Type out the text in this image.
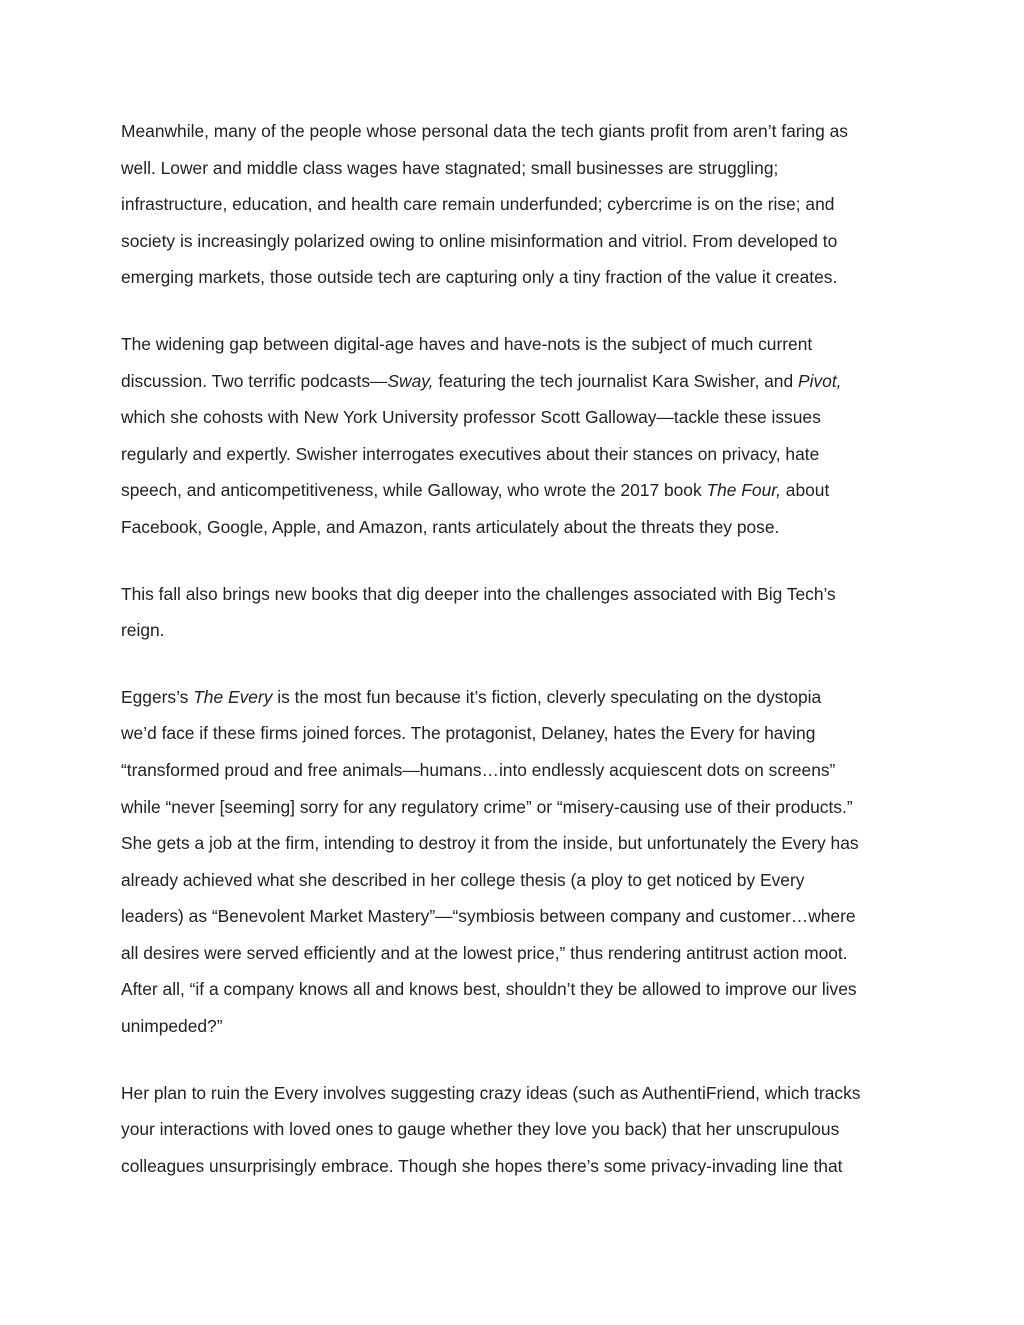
Meanwhile, many of the people whose personal data the tech giants profit from aren’t faring as
well. Lower and middle class wages have stagnated; small businesses are struggling;
infrastructure, education, and health care remain underfunded; cybercrime is on the rise; and
society is increasingly polarized owing to online misinformation and vitriol. From developed to
emerging markets, those outside tech are capturing only a tiny fraction of the value it creates.

The widening gap between digital-age haves and have-nots is the subject of much current
discussion. Two terrific podcasts—Sway, featuring the tech journalist Kara Swisher, and Pivot,
which she cohosts with New York University professor Scott Galloway—tackle these issues
regularly and expertly. Swisher interrogates executives about their stances on privacy, hate
speech, and anticompetitiveness, while Galloway, who wrote the 2017 book The Four, about
Facebook, Google, Apple, and Amazon, rants articulately about the threats they pose.

This fall also brings new books that dig deeper into the challenges associated with Big Tech’s
reign.

Eggers’s The Every is the most fun because it’s fiction, cleverly speculating on the dystopia
we’d face if these firms joined forces. The protagonist, Delaney, hates the Every for having
“transformed proud and free animals—humans…into endlessly acquiescent dots on screens”
while “never [seeming] sorry for any regulatory crime” or “misery-causing use of their products.”
She gets a job at the firm, intending to destroy it from the inside, but unfortunately the Every has
already achieved what she described in her college thesis (a ploy to get noticed by Every
leaders) as “Benevolent Market Mastery”—“symbiosis between company and customer…where
all desires were served efficiently and at the lowest price,” thus rendering antitrust action moot.
After all, “if a company knows all and knows best, shouldn’t they be allowed to improve our lives
unimpeded?”

Her plan to ruin the Every involves suggesting crazy ideas (such as AuthentiFriend, which tracks
your interactions with loved ones to gauge whether they love you back) that her unscrupulous
colleagues unsurprisingly embrace. Though she hopes there’s some privacy-invading line that
